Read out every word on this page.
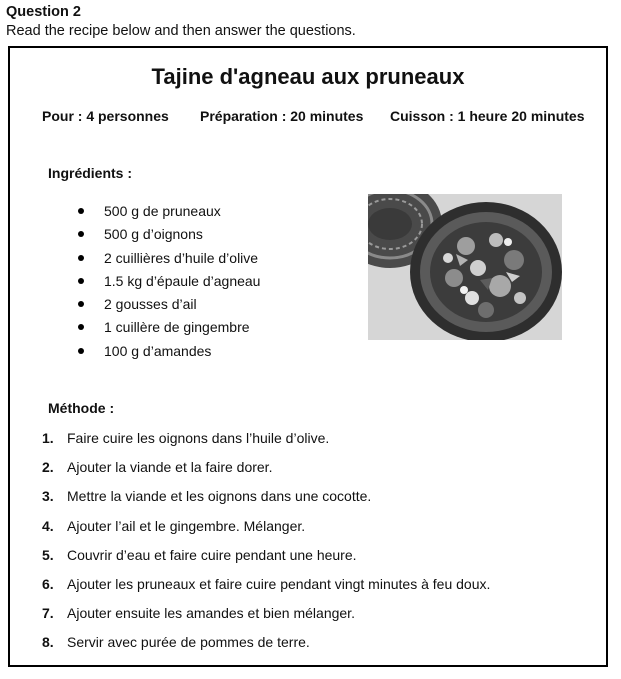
Question 2
Read the recipe below and then answer the questions.
Tajine d'agneau aux pruneaux
Pour : 4 personnes Préparation : 20 minutes Cuisson : 1 heure 20 minutes
Ingrédients :
500 g de pruneaux
500 g d’oignons
2 cuillières d’huile d’olive
1.5 kg d’épaule d’agneau
2 gousses d’ail
1 cuillère de gingembre
100 g d’amandes
Méthode :
1. Faire cuire les oignons dans l’huile d’olive.
2. Ajouter la viande et la faire dorer.
3. Mettre la viande et les oignons dans une cocotte.
4. Ajouter l’ail et le gingembre. Mélanger.
5. Couvrir d’eau et faire cuire pendant une heure.
6. Ajouter les pruneaux et faire cuire pendant vingt minutes à feu doux.
7. Ajouter ensuite les amandes et bien mélanger.
8. Servir avec purée de pommes de terre.
